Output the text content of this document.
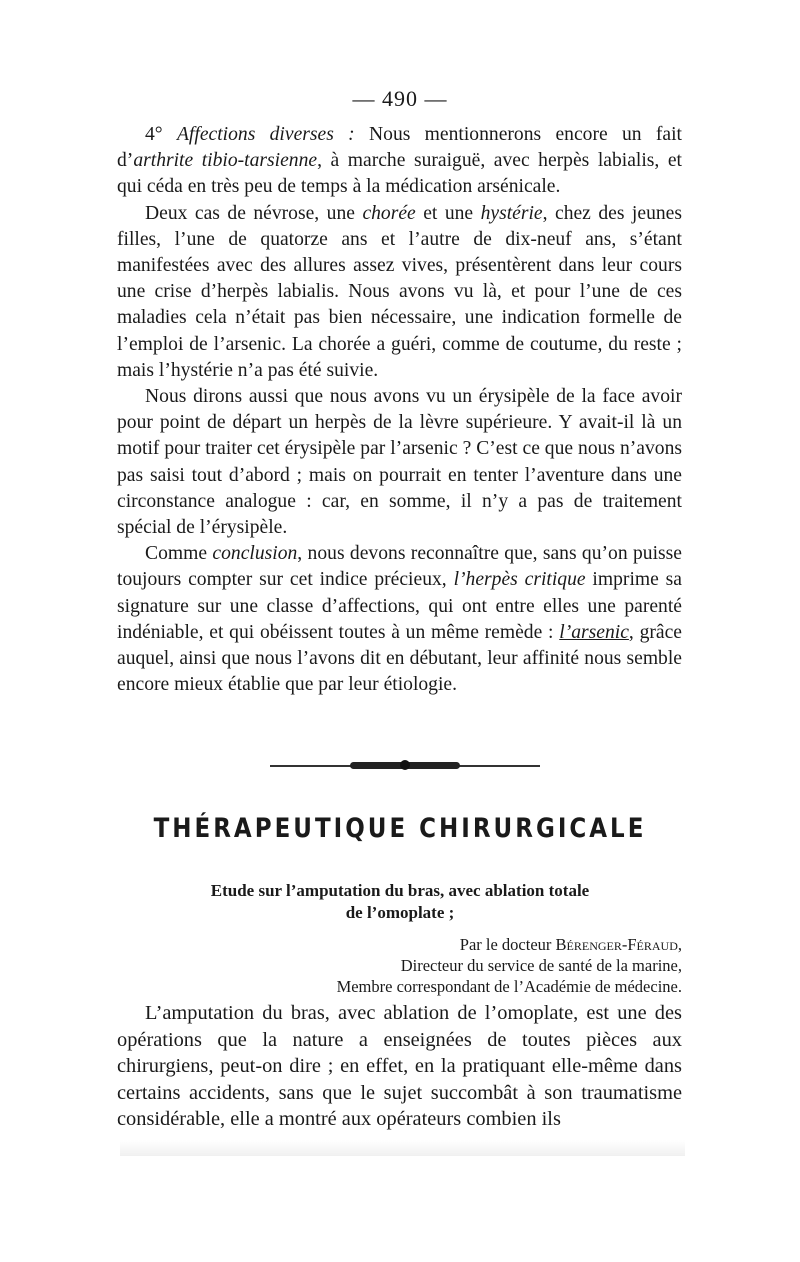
— 490 —

4° Affections diverses : Nous mentionnerons encore un fait d’arthrite tibio-tarsienne, à marche suraiguë, avec herpès labialis, et qui céda en très peu de temps à la médication arsénicale.

Deux cas de névrose, une chorée et une hystérie, chez des jeunes filles, l’une de quatorze ans et l’autre de dix-neuf ans, s’étant manifestées avec des allures assez vives, présentèrent dans leur cours une crise d’herpès labialis. Nous avons vu là, et pour l’une de ces maladies cela n’était pas bien nécessaire, une indication formelle de l’emploi de l’arsenic. La chorée a guéri, comme de coutume, du reste ; mais l’hystérie n’a pas été suivie.

Nous dirons aussi que nous avons vu un érysipèle de la face avoir pour point de départ un herpès de la lèvre supérieure. Y avait-il là un motif pour traiter cet érysipèle par l’arsenic ? C’est ce que nous n’avons pas saisi tout d’abord ; mais on pourrait en tenter l’aventure dans une circonstance analogue : car, en somme, il n’y a pas de traitement spécial de l’érysipèle.

Comme conclusion, nous devons reconnaître que, sans qu’on puisse toujours compter sur cet indice précieux, l’herpès critique imprime sa signature sur une classe d’affections, qui ont entre elles une parenté indéniable, et qui obéissent toutes à un même remède : l’arsenic, grâce auquel, ainsi que nous l’avons dit en débutant, leur affinité nous semble encore mieux établie que par leur étiologie.

THÉRAPEUTIQUE CHIRURGICALE
Etude sur l’amputation du bras, avec ablation totale
de l’omoplate ;
Par le docteur Bérenger-Féraud,
Directeur du service de santé de la marine,
Membre correspondant de l’Académie de médecine.

L’amputation du bras, avec ablation de l’omoplate, est une des opérations que la nature a enseignées de toutes pièces aux chirurgiens, peut-on dire ; en effet, en la pratiquant elle-même dans certains accidents, sans que le sujet succombât à son traumatisme considérable, elle a montré aux opérateurs combien ils
